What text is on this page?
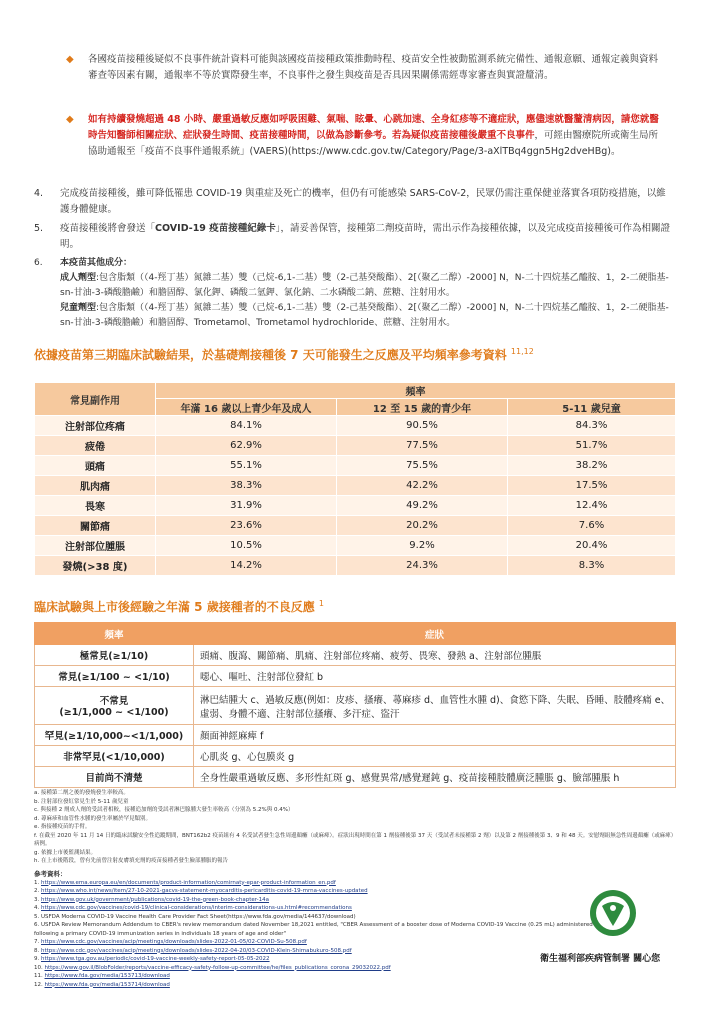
◆ 各國疫苗接種後疑似不良事件統計資料可能與該國疫苗接種政策推動時程、疫苗安全性被動監測系統完備性、通報意願、通報定義與資料審查等因素有關，通報率不等於實際發生率，不良事件之發生與疫苗是否具因果關係需經專家審查與實證釐清。
◆ 如有持續發燒超過 48 小時、嚴重過敏反應如呼吸困難、氣喘、眩暈、心跳加速、全身紅疹等不適症狀，應儘速就醫釐清病因，請您就醫時告知醫師相關症狀、症狀發生時間、疫苗接種時間，以做為診斷參考。若為疑似疫苗接種後嚴重不良事件，可經由醫療院所或衛生局所協助通報至「疫苗不良事件通報系統」(VAERS)(https://www.cdc.gov.tw/Category/Page/3-aXlTBq4ggn5Hg2dveHBg)。
4. 完成疫苗接種後，雖可降低罹患 COVID-19 與重症及死亡的機率，但仍有可能感染 SARS-CoV-2，民眾仍需注重保健並落實各項防疫措施，以維護身體健康。
5. 疫苗接種後將會發送「COVID-19 疫苗接種紀錄卡」，請妥善保管，接種第二劑疫苗時，需出示作為接種依據，以及完成疫苗接種後可作為相關證明。
6. 本疫苗其他成分：
成人劑型:包含脂類（（4-羥丁基）氮雜二基）雙（己烷-6,1-二基）雙（2-己基癸酸酯）、2[（聚乙二醇）-2000] N，N-二十四烷基乙醯胺、1，2-二硬脂基-sn-甘油-3-磷酸膽鹼）和膽固醇、氯化鉀、磷酸二氫鉀、氯化鈉、二水磷酸二鈉、蔗糖、注射用水。
兒童劑型:包含脂類（（4-羥丁基）氮雜二基）雙（己烷-6,1-二基）雙（2-己基癸酸酯）、2[（聚乙二醇）-2000] N，N-二十四烷基乙醯胺、1，2-二硬脂基-sn-甘油-3-磷酸膽鹼）和膽固醇、Trometamol、Trometamol hydrochloride、蔗糖、注射用水。
依據疫苗第三期臨床試驗結果，於基礎劑接種後 7 天可能發生之反應及平均頻率參考資料 $^{11,12}$
常見副作用	頻率		
	年滿 16 歲以上青少年及成人	12 至 15 歲的青少年	5-11 歲兒童
注射部位疼痛	84.1%	90.5%	84.3%
疲倦	62.9%	77.5%	51.7%
頭痛	55.1%	75.5%	38.2%
肌肉痛	38.3%	42.2%	17.5%
畏寒	31.9%	49.2%	12.4%
關節痛	23.6%	20.2%	7.6%
注射部位腫脹	10.5%	9.2%	20.4%
發燒(>38 度)	14.2%	24.3%	8.3%
臨床試驗與上市後經驗之年滿 5 歲接種者的不良反應 $^1$
頻率	症狀
極常見(≥1/10)	頭痛、腹瀉、關節痛、肌痛、注射部位疼痛、疲勞、畏寒、發熱 a、注射部位腫脹
常見(≥1/100 ~ <1/10)	噁心、嘔吐、注射部位發紅 b
不常見
(≥1/1,000 ~ <1/100)	淋巴結腫大 c、過敏反應(例如：皮疹、搔癢、蕁麻疹 d、血管性水腫 d)、食慾下降、失眠、昏睡、肢體疼痛 e、虛弱、身體不適、注射部位搔癢、多汗症、盜汗
罕見(≥1/10,000~<1/1,000)	顏面神經麻痺 f
非常罕見(<1/10,000)	心肌炎 g、心包膜炎 g
目前尚不清楚	全身性嚴重過敏反應、多形性紅斑 g、感覺異常/感覺遲鈍 g、疫苗接種肢體廣泛腫脹 g、臉部腫脹 h
a. 接種第二劑之後的發燒發生率較高。
b. 注射部位發紅常見生於 5-11 歲兒童
c. 與接種 2 劑成人劑的受試者相較，接種追加劑的受試者淋巴腺腫大發生率較高（分別為 5.2%與 0.4%）
d. 蕁麻疹和血管性水腫的發生率屬於罕見類別。
e. 指接種疫苗的手臂。
f. 在截至 2020 年 11 月 14 日的臨床試驗安全性追蹤期間，BNT162b2 疫苗組有 4 名受試者發生急性周邊顏癱（或麻痺）。症狀出現時間在第 1 劑接種後第 37 天（受試者未接種第 2 劑）以及第 2 劑接種後第 3、9 和 48 天。安慰劑組無急性周邊顏癱（或麻痺）病例。
g. 依據上市後監測結果。
h. 在上市後階段，曾有先前曾注射皮膚填充劑的疫苗接種者發生臉部腫脹的報告
參考資料：
1. https://www.ema.europa.eu/en/documents/product-information/comirnaty-epar-product-information_en.pdf
2. https://www.who.int/news/item/27-10-2021-gacvs-statement-myocarditis-pericarditis-covid-19-mrna-vaccines-updated
3. https://www.gov.uk/government/publications/covid-19-the-green-book-chapter-14a
4. https://www.cdc.gov/vaccines/covid-19/clinical-considerations/interim-considerations-us.html#recommendations
5. USFDA Moderna COVID-19 Vaccine Health Care Provider Fact Sheet(https://www.fda.gov/media/144637/download)
6. USFDA Review Memorandum Addendum to CBER's review memorandum dated November 18,2021 entitled, "CBER Assessment of a booster dose of Moderna COVID-19 Vaccine (0.25 mL) administered following a primary COVID-19 immunization series in individuals 18 years of age and older"
7. https://www.cdc.gov/vaccines/acip/meetings/downloads/slides-2022-01-05/02-COVID-Su-508.pdf
8. https://www.cdc.gov/vaccines/acip/meetings/downloads/slides-2022-04-20/03-COVID-Klein-Shimabukuro-508.pdf
9. https://www.tga.gov.au/periodic/covid-19-vaccine-weekly-safety-report-05-05-2022
10. https://www.gov.il/BlobFolder/reports/vaccine-efficacy-safety-follow-up-committee/he/files_publications_corona_29032022.pdf
11. https://www.fda.gov/media/153713/download
12. https://www.fda.gov/media/153714/download
衛生福利部疾病管制署 關心您
